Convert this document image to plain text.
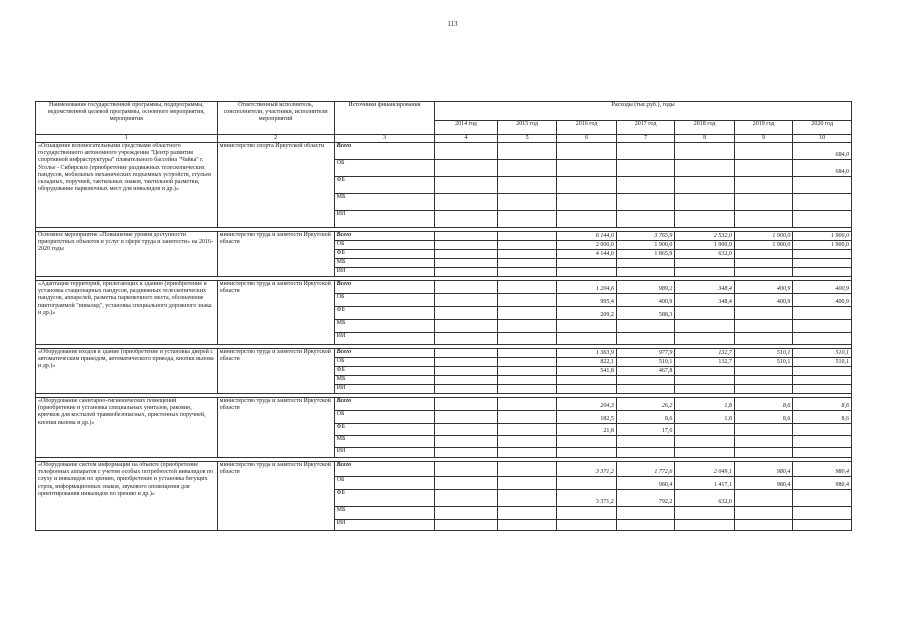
113
Наименование государственной программы, подпрограммы, ведомственной целевой программы, основного мероприятия, мероприятия	Ответственный исполнитель, соисполнители, участники, исполнители мероприятий	Источники финансирования	Расходы (тыс.руб.), годы						
			2014 год	2015 год	2016 год	2017 год	2018 год	2019 год	2020 год
1	2	3	4	5	6	7	8	9	10
«Оснащение вспомогательными средствами областного государственного автономного учреждения "Центр развития спортивной инфраструктуры" плавательного бассейна "Чайка" г. Усолье - Сибирское (приобретение раздвижных телескопических пандусов, мобильных механических подъемных устройств, стульев складных, поручней, тактильных знаков, тактильной разметки, оборудование парковочных мест для инвалидов и др.)»	министерство спорта Иркутской области	Всего							684,0
		ОБ							684,0
		ФБ							
		МБ							
		ИИ							

Основное мероприятие «Повышение уровня доступности приоритетных объектов и услуг в сфере труда и занятости» на 2016-2020 годы	министерство труда и занятости Иркутской области	Всего			6 144,0	3 765,9	2 532,0	1 900,0	1 900,0
		ОБ			2 000,0	1 900,0	1 900,0	1 900,0	1 900,0
		ФБ			4 144,0	1 865,9	632,0		
		МБ							
		ИИ							

«Адаптация территорий, прилегающих к зданию (приобретение и установка стационарных пандусов, раздвижных телескопических пандусов, аппарелей, разметка парковочного места, обозначение пиктограммой "инвалид", установка специального дорожного знака и др.)»	министерство труда и занятости Иркутской области	Всего			1 204,6	989,2	348,4	400,9	400,9
		ОБ			995,4	400,9	348,4	400,9	400,9
		ФБ			209,2	588,3			
		МБ							
		ИИ							

«Оборудование входов в здание (приобретение и установка дверей с автоматическим приводом, автоматического привода, кнопки вызова и др.)»	министерство труда и занятости Иркутской области	Всего			1 363,9	977,9	132,7	510,1	510,1
		ОБ			822,1	510,1	132,7	510,1	510,1
		ФБ			541,8	467,8			
		МБ							
		ИИ							

«Оборудование санитарно-гигиенических помещений (приобретение и установка специальных унитазов, раковин, крючков для костылей травмобезопасных, пристенных поручней, кнопки вызова и др.)»	министерство труда и занятости Иркутской области	Всего			204,3	26,2	1,8	8,6	8,6
		ОБ			182,5	8,6	1,8	8,6	8,6
		ФБ			21,8	17,6			
		МБ							
		ИИ							

«Оборудование систем информации на объекте (приобретение телефонных аппаратов с учетом особых потребностей инвалидов по слуху и инвалидов по зрению, приобретение и установка бегущих строк, информационных знаков, звукового оповещения для ориентирования инвалидов по зрению и др.)»	министерство труда и занятости Иркутской области	Всего			3 371,2	1 772,6	2 049,1	980,4	980,4
		ОБ				980,4	1 417,1	980,4	980,4
		ФБ			3 371,2	792,2	632,0		
		МБ							
		ИИ							
